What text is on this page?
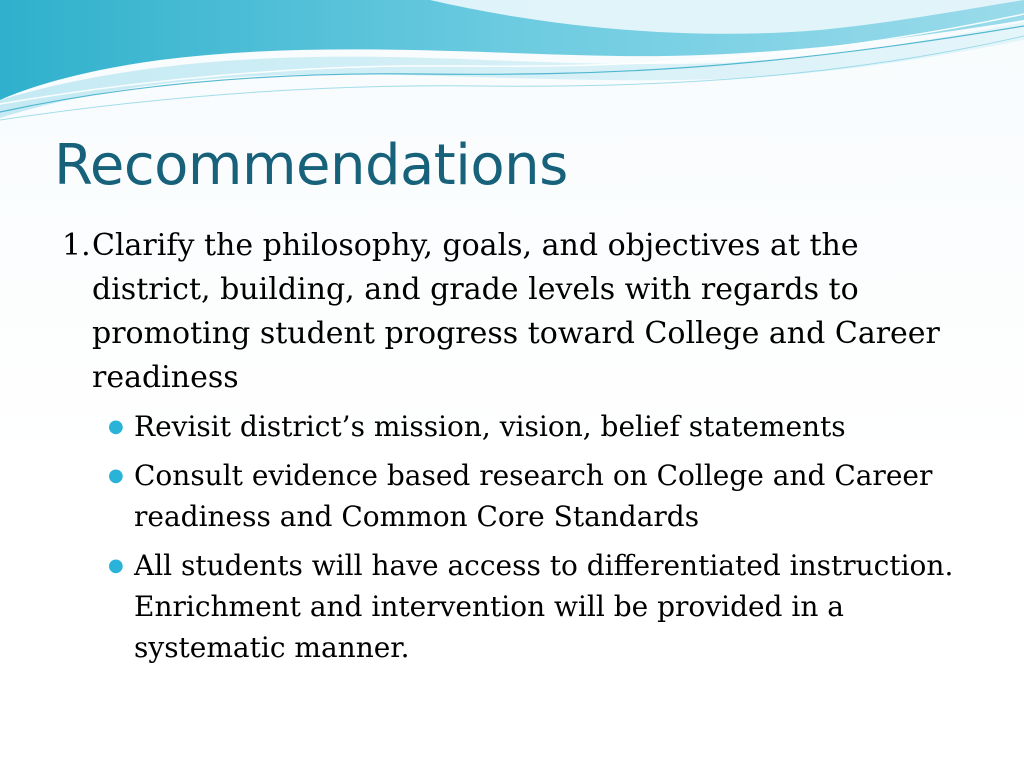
Recommendations

1. Clarify the philosophy, goals, and objectives at the district, building, and grade levels with regards to promoting student progress toward College and Career readiness

● Revisit district’s mission, vision, belief statements
● Consult evidence based research on College and Career readiness and Common Core Standards
● All students will have access to differentiated instruction. Enrichment and intervention will be provided in a systematic manner.
